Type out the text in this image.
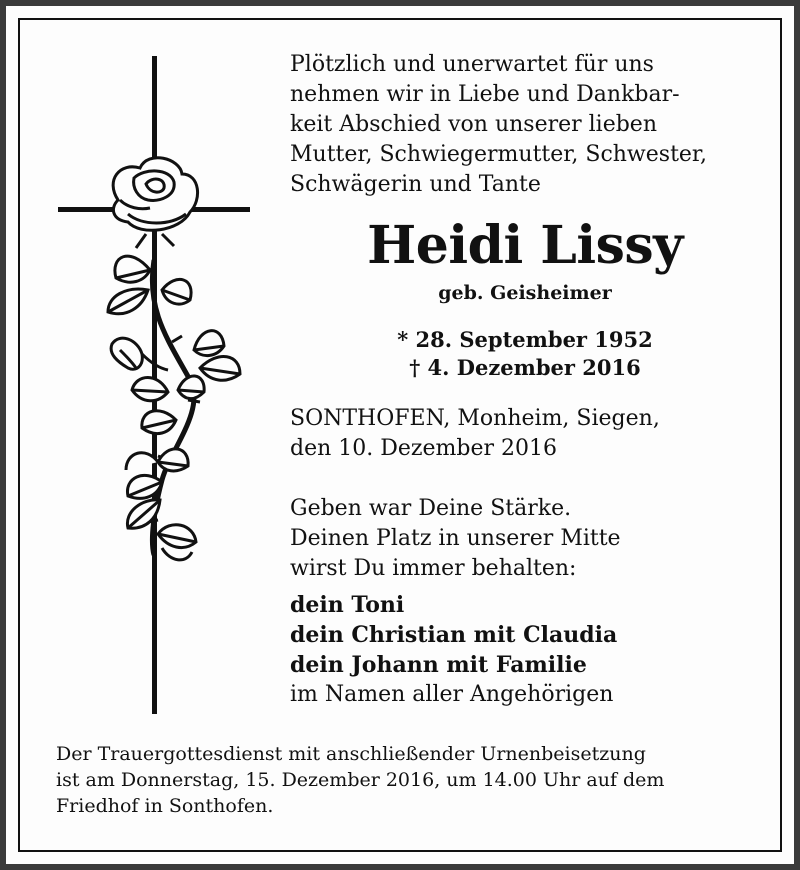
Plötzlich und unerwartet für uns
nehmen wir in Liebe und Dankbar-
keit Abschied von unserer lieben
Mutter, Schwiegermutter, Schwester,
Schwägerin und Tante

Heidi Lissy

geb. Geisheimer

* 28. September 1952
† 4. Dezember 2016
SONTHOFEN, Monheim, Siegen,
den 10. Dezember 2016
Geben war Deine Stärke.
Deinen Platz in unserer Mitte
wirst Du immer behalten:
dein Toni
dein Christian mit Claudia
dein Johann mit Familie
im Namen aller Angehörigen
Der Trauergottesdienst mit anschließender Urnenbeisetzung
ist am Donnerstag, 15. Dezember 2016, um 14.00 Uhr auf dem
Friedhof in Sonthofen.
